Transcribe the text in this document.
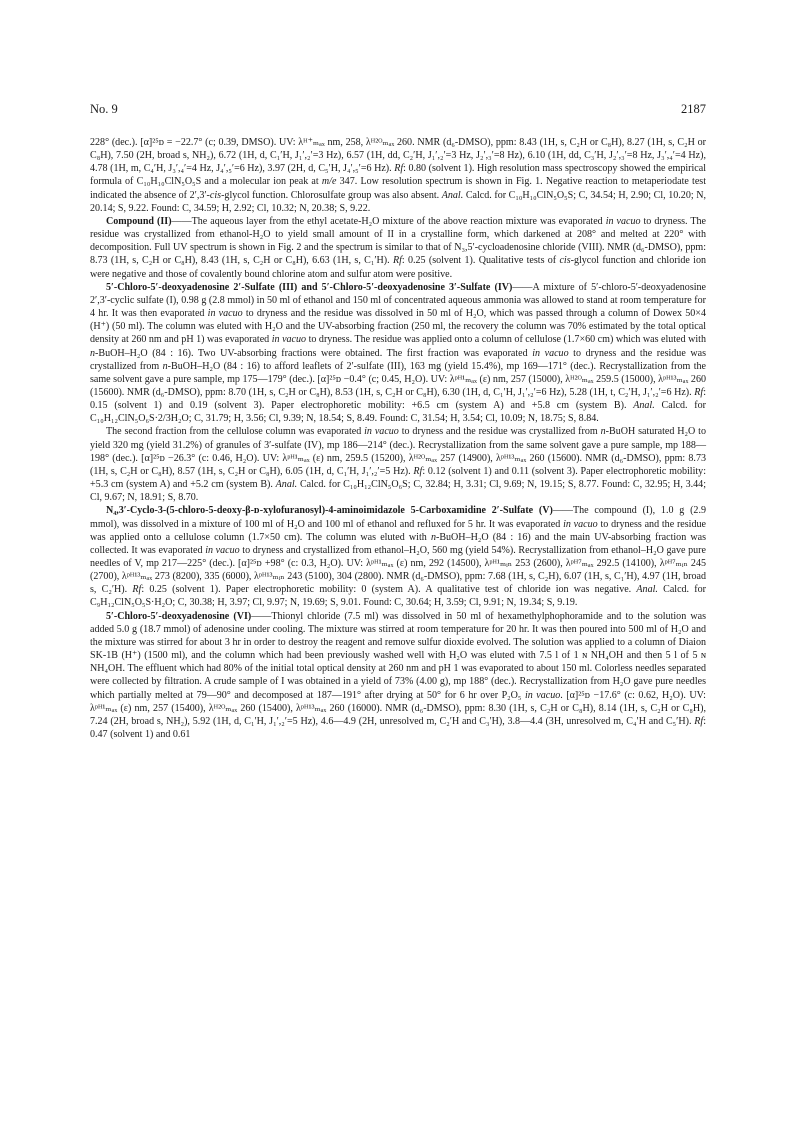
No. 9	2187

228° (dec.). [α]²⁵ᴅ = −22.7° (c; 0.39, DMSO). UV: λᴴ⁺ₘₐₓ nm, 258, λᴴ²ᴼₘₐₓ 260. NMR (d₆-DMSO), ppm: 8.43 (1H, s, C₂H or C₈H), 8.27 (1H, s, C₂H or C₈H), 7.50 (2H, broad s, NH₂), 6.72 (1H, d, C₁′H, J₁′,₂′=3 Hz), 6.57 (1H, dd, C₂′H, J₁′,₂′=3 Hz, J₂′,₃′=8 Hz), 6.10 (1H, dd, C₃′H, J₂′,₃′=8 Hz, J₃′,₄′=4 Hz), 4.78 (1H, m, C₄′H, J₃′,₄′=4 Hz, J₄′,₅′=6 Hz), 3.97 (2H, d, C₅′H, J₄′,₅′=6 Hz). Rf: 0.80 (solvent 1). High resolution mass spectroscopy showed the empirical formula of C₁₀H₁₀ClN₅O₅S and a molecular ion peak at m/e 347. Low resolution spectrum is shown in Fig. 1. Negative reaction to metaperiodate test indicated the absence of 2′,3′-cis-glycol function. Chlorosulfate group was also absent. Anal. Calcd. for C₁₀H₁₀ClN₅O₅S; C, 34.54; H, 2.90; Cl, 10.20; N, 20.14; S, 9.22. Found: C, 34.59; H, 2.92; Cl, 10.32; N, 20.38; S, 9.22.

Compound (II)——The aqueous layer from the ethyl acetate-H₂O mixture of the above reaction mixture was evaporated in vacuo to dryness. The residue was crystallized from ethanol-H₂O to yield small amount of II in a crystalline form, which darkened at 208° and melted at 220° with decomposition. Full UV spectrum is shown in Fig. 2 and the spectrum is similar to that of N₃,5′-cycloadenosine chloride (VIII). NMR (d₆-DMSO), ppm: 8.73 (1H, s, C₂H or C₈H), 8.43 (1H, s, C₂H or C₈H), 6.63 (1H, s, C₁′H). Rf: 0.25 (solvent 1). Qualitative tests of cis-glycol function and chloride ion were negative and those of covalently bound chlorine atom and sulfur atom were positive.

5′-Chloro-5′-deoxyadenosine 2′-Sulfate (III) and 5′-Chloro-5′-deoxyadenosine 3′-Sulfate (IV)——A mixture of 5′-chloro-5′-deoxyadenosine 2′,3′-cyclic sulfate (I), 0.98 g (2.8 mmol) in 50 ml of ethanol and 150 ml of concentrated aqueous ammonia was allowed to stand at room temperature for 4 hr. It was then evaporated in vacuo to dryness and the residue was dissolved in 50 ml of H₂O, which was passed through a column of Dowex 50×4 (H⁺) (50 ml). The column was eluted with H₂O and the UV-absorbing fraction (250 ml, the recovery the column was 70% estimated by the total optical density at 260 nm and pH 1) was evaporated in vacuo to dryness. The residue was applied onto a column of cellulose (1.7×60 cm) which was eluted with n-BuOH–H₂O (84 : 16). Two UV-absorbing fractions were obtained. The first fraction was evaporated in vacuo to dryness and the residue was crystallized from n-BuOH–H₂O (84 : 16) to afford leaflets of 2′-sulfate (III), 163 mg (yield 15.4%), mp 169—171° (dec.). Recrystallization from the same solvent gave a pure sample, mp 175—179° (dec.). [α]²⁵ᴅ −0.4° (c; 0.45, H₂O). UV: λᵖᴴ¹ₘₐₓ (ε) nm, 257 (15000), λᴴ²ᴼₘₐₓ 259.5 (15000), λᵖᴴ¹³ₘₐₓ 260 (15600). NMR (d₆-DMSO), ppm: 8.70 (1H, s, C₂H or C₈H), 8.53 (1H, s, C₂H or C₈H), 6.30 (1H, d, C₁′H, J₁′,₂′=6 Hz), 5.28 (1H, t, C₂′H, J₁′,₂′=6 Hz). Rf: 0.15 (solvent 1) and 0.19 (solvent 3). Paper electrophoretic mobility: +6.5 cm (system A) and +5.8 cm (system B). Anal. Calcd. for C₁₀H₁₂ClN₅O₆S·2/3H₂O; C, 31.79; H, 3.56; Cl, 9.39; N, 18.54; S, 8.49. Found: C, 31.54; H, 3.54; Cl, 10.09; N, 18.75; S, 8.84.

The second fraction from the cellulose column was evaporated in vacuo to dryness and the residue was crystallized from n-BuOH saturated H₂O to yield 320 mg (yield 31.2%) of granules of 3′-sulfate (IV), mp 186—214° (dec.). Recrystallization from the same solvent gave a pure sample, mp 188—198° (dec.). [α]²⁵ᴅ −26.3° (c: 0.46, H₂O). UV: λᵖᴴ¹ₘₐₓ (ε) nm, 259.5 (15200), λᴴ²ᴼₘₐₓ 257 (14900), λᵖᴴ¹³ₘₐₓ 260 (15600). NMR (d₆-DMSO), ppm: 8.73 (1H, s, C₂H or C₈H), 8.57 (1H, s, C₂H or C₈H), 6.05 (1H, d, C₁′H, J₁′,₂′=5 Hz). Rf: 0.12 (solvent 1) and 0.11 (solvent 3). Paper electrophoretic mobility: +5.3 cm (system A) and +5.2 cm (system B). Anal. Calcd. for C₁₀H₁₂ClN₅O₆S; C, 32.84; H, 3.31; Cl, 9.69; N, 19.15; S, 8.77. Found: C, 32.95; H, 3.44; Cl, 9.67; N, 18.91; S, 8.70.

N₄,3′-Cyclo-3-(5-chloro-5-deoxy-β-ᴅ-xylofuranosyl)-4-aminoimidazole 5-Carboxamidine 2′-Sulfate (V)——The compound (I), 1.0 g (2.9 mmol), was dissolved in a mixture of 100 ml of H₂O and 100 ml of ethanol and refluxed for 5 hr. It was evaporated in vacuo to dryness and the residue was applied onto a cellulose column (1.7×50 cm). The column was eluted with n-BuOH–H₂O (84 : 16) and the main UV-absorbing fraction was collected. It was evaporated in vacuo to dryness and crystallized from ethanol–H₂O, 560 mg (yield 54%). Recrystallization from ethanol–H₂O gave pure needles of V, mp 217—225° (dec.). [α]²⁵ᴅ +98° (c: 0.3, H₂O). UV: λᵖᴴ¹ₘₐₓ (ε) nm, 292 (14500), λᵖᴴ¹ₘᵢₙ 253 (2600), λᵖᴴ⁷ₘₐₓ 292.5 (14100), λᵖᴴ⁷ₘᵢₙ 245 (2700), λᵖᴴ¹³ₘₐₓ 273 (8200), 335 (6000), λᵖᴴ¹³ₘᵢₙ 243 (5100), 304 (2800). NMR (d₆-DMSO), ppm: 7.68 (1H, s, C₂H), 6.07 (1H, s, C₁′H), 4.97 (1H, broad s, C₂′H). Rf: 0.25 (solvent 1). Paper electrophoretic mobility: 0 (system A). A qualitative test of chloride ion was negative. Anal. Calcd. for C₉H₁₂ClN₅O₅S·H₂O; C, 30.38; H, 3.97; Cl, 9.97; N, 19.69; S, 9.01. Found: C, 30.64; H, 3.59; Cl, 9.91; N, 19.34; S, 9.19.

5′-Chloro-5′-deoxyadenosine (VI)——Thionyl chloride (7.5 ml) was dissolved in 50 ml of hexamethylphophoramide and to the solution was added 5.0 g (18.7 mmol) of adenosine under cooling. The mixture was stirred at room temperature for 20 hr. It was then poured into 500 ml of H₂O and the mixture was stirred for about 3 hr in order to destroy the reagent and remove sulfur dioxide evolved. The solution was applied to a column of Diaion SK-1B (H⁺) (1500 ml), and the column which had been previously washed well with H₂O was eluted with 7.5 l of 1 ɴ NH₄OH and then 5 l of 5 ɴ NH₄OH. The effluent which had 80% of the initial total optical density at 260 nm and pH 1 was evaporated to about 150 ml. Colorless needles separated were collected by filtration. A crude sample of I was obtained in a yield of 73% (4.00 g), mp 188° (dec.). Recrystallization from H₂O gave pure needles which partially melted at 79—90° and decomposed at 187—191° after drying at 50° for 6 hr over P₂O₅ in vacuo. [α]²⁵ᴅ −17.6° (c: 0.62, H₂O). UV: λᵖᴴ¹ₘₐₓ (ε) nm, 257 (15400), λᴴ²ᴼₘₐₓ 260 (15400), λᵖᴴ¹³ₘₐₓ 260 (16000). NMR (d₆-DMSO), ppm: 8.30 (1H, s, C₂H or C₈H), 8.14 (1H, s, C₂H or C₈H), 7.24 (2H, broad s, NH₂), 5.92 (1H, d, C₁′H, J₁′,₂′=5 Hz), 4.6—4.9 (2H, unresolved m, C₂′H and C₃′H), 3.8—4.4 (3H, unresolved m, C₄′H and C₅′H). Rf: 0.47 (solvent 1) and 0.61
